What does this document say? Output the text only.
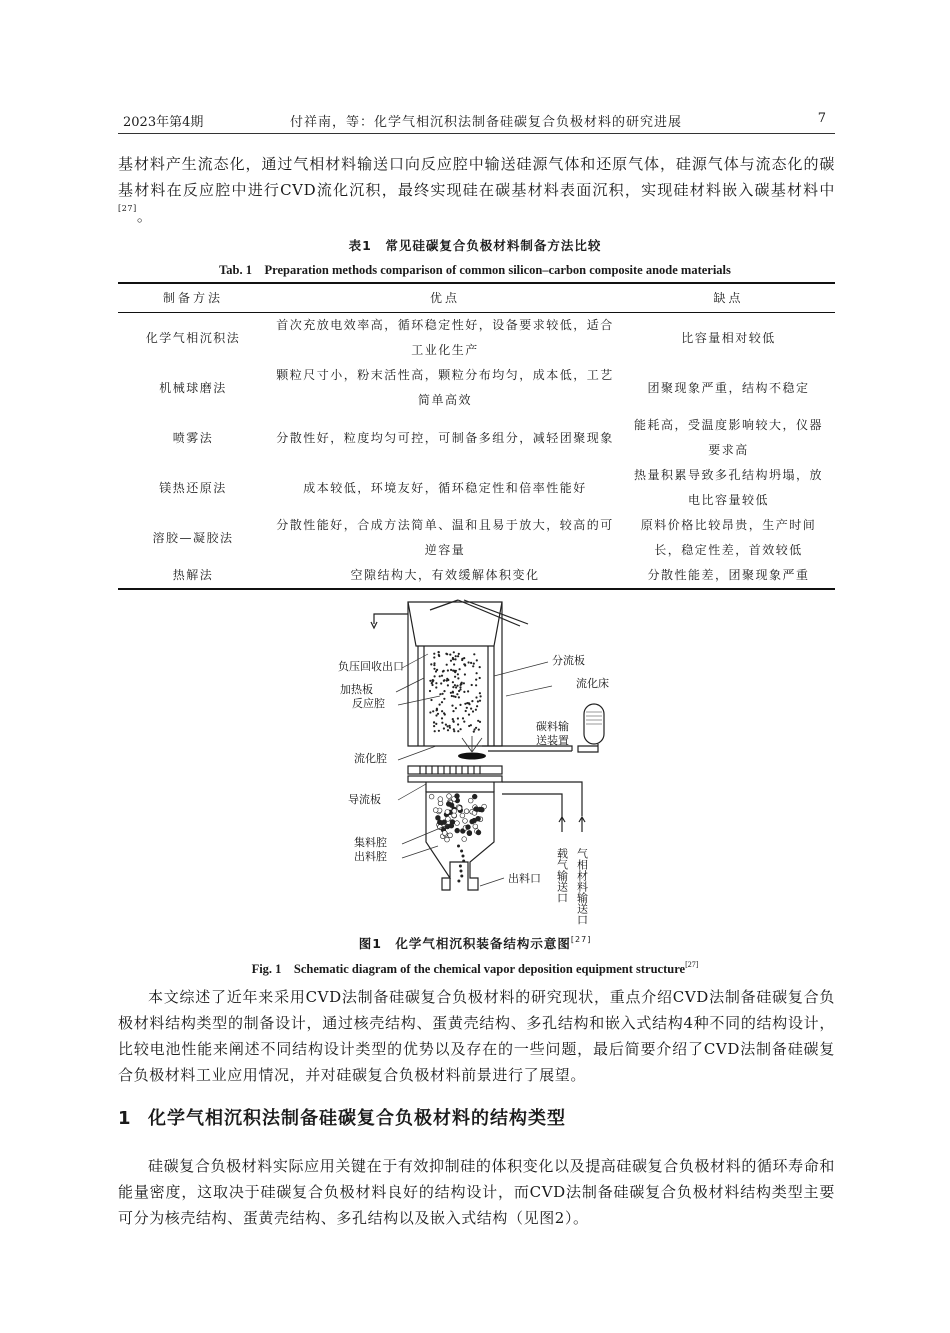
2023年第4期	付祥南，等：化学气相沉积法制备硅碳复合负极材料的研究进展	7
基材料产生流态化，通过气相材料输送口向反应腔中输送硅源气体和还原气体，硅源气体与流态化的碳基材料在反应腔中进行CVD流化沉积，最终实现硅在碳基材料表面沉积，实现硅材料嵌入碳基材料中[27]。
表1　常见硅碳复合负极材料制备方法比较
Tab. 1　Preparation methods comparison of common silicon–carbon composite anode materials
制备方法	优点	缺点
化学气相沉积法	首次充放电效率高，循环稳定性好，设备要求较低，适合工业化生产	比容量相对较低
机械球磨法	颗粒尺寸小，粉末活性高，颗粒分布均匀，成本低，工艺简单高效	团聚现象严重，结构不稳定
喷雾法	分散性好，粒度均匀可控，可制备多组分，减轻团聚现象	能耗高，受温度影响较大，仪器要求高
镁热还原法	成本较低，环境友好，循环稳定性和倍率性能好	热量积累导致多孔结构坍塌，放电比容量较低
溶胶—凝胶法	分散性能好，合成方法简单、温和且易于放大，较高的可逆容量	原料价格比较昂贵，生产时间长，稳定性差，首效较低
热解法	空隙结构大，有效缓解体积变化	分散性能差，团聚现象严重
负压回收出口
加热板
反应腔
流化腔
导流板
集料腔
出料腔
分流板
流化床
碳料输
送装置
出料口 载气输送口 气相材料输送口
图1　化学气相沉积装备结构示意图[27]
Fig. 1　Schematic diagram of the chemical vapor deposition equipment structure[27]
本文综述了近年来采用CVD法制备硅碳复合负极材料的研究现状，重点介绍CVD法制备硅碳复合负极材料结构类型的制备设计，通过核壳结构、蛋黄壳结构、多孔结构和嵌入式结构4种不同的结构设计，比较电池性能来阐述不同结构设计类型的优势以及存在的一些问题，最后简要介绍了CVD法制备硅碳复合负极材料工业应用情况，并对硅碳复合负极材料前景进行了展望。
1 化学气相沉积法制备硅碳复合负极材料的结构类型
硅碳复合负极材料实际应用关键在于有效抑制硅的体积变化以及提高硅碳复合负极材料的循环寿命和能量密度，这取决于硅碳复合负极材料良好的结构设计，而CVD法制备硅碳复合负极材料结构类型主要可分为核壳结构、蛋黄壳结构、多孔结构以及嵌入式结构（见图2）。
